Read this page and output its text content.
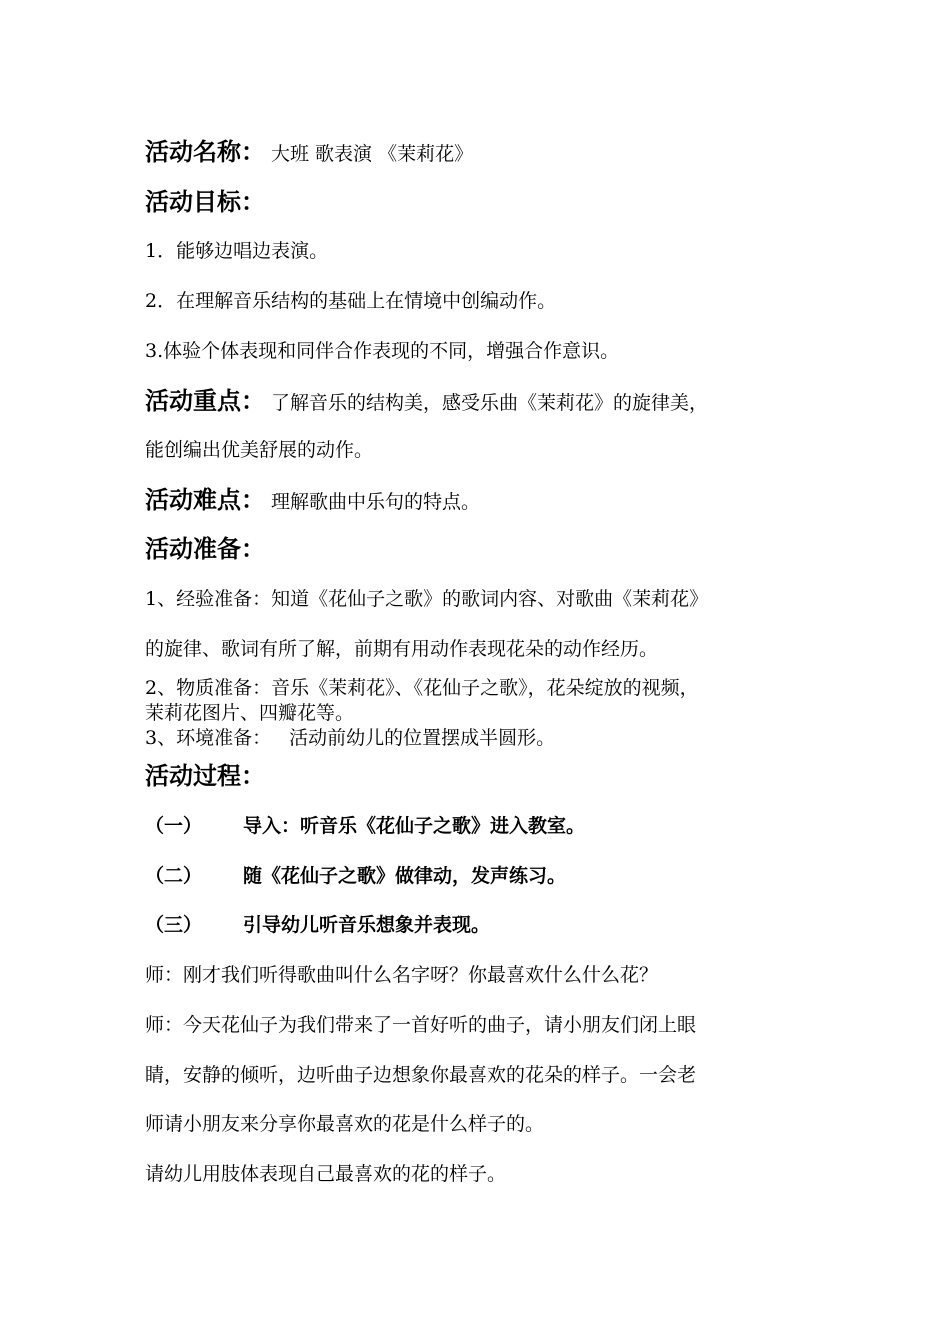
活动名称： 大班 歌表演 《茉莉花》
活动目标：
1．能够边唱边表演。
2．在理解音乐结构的基础上在情境中创编动作。
3.体验个体表现和同伴合作表现的不同，增强合作意识。
活动重点： 了解音乐的结构美，感受乐曲《茉莉花》的旋律美，
能创编出优美舒展的动作。
活动难点： 理解歌曲中乐句的特点。
活动准备：
1、经验准备：知道《花仙子之歌》的歌词内容、对歌曲《茉莉花》
的旋律、歌词有所了解，前期有用动作表现花朵的动作经历。
2、物质准备：音乐《茉莉花》、《花仙子之歌》，花朵绽放的视频，
茉莉花图片、四瓣花等。
3、环境准备： 活动前幼儿的位置摆成半圆形。
活动过程：
（一） 导入：听音乐《花仙子之歌》进入教室。
（二） 随《花仙子之歌》做律动，发声练习。
（三） 引导幼儿听音乐想象并表现。
师：刚才我们听得歌曲叫什么名字呀？你最喜欢什么什么花？
师：今天花仙子为我们带来了一首好听的曲子，请小朋友们闭上眼
睛，安静的倾听，边听曲子边想象你最喜欢的花朵的样子。一会老
师请小朋友来分享你最喜欢的花是什么样子的。
请幼儿用肢体表现自己最喜欢的花的样子。
